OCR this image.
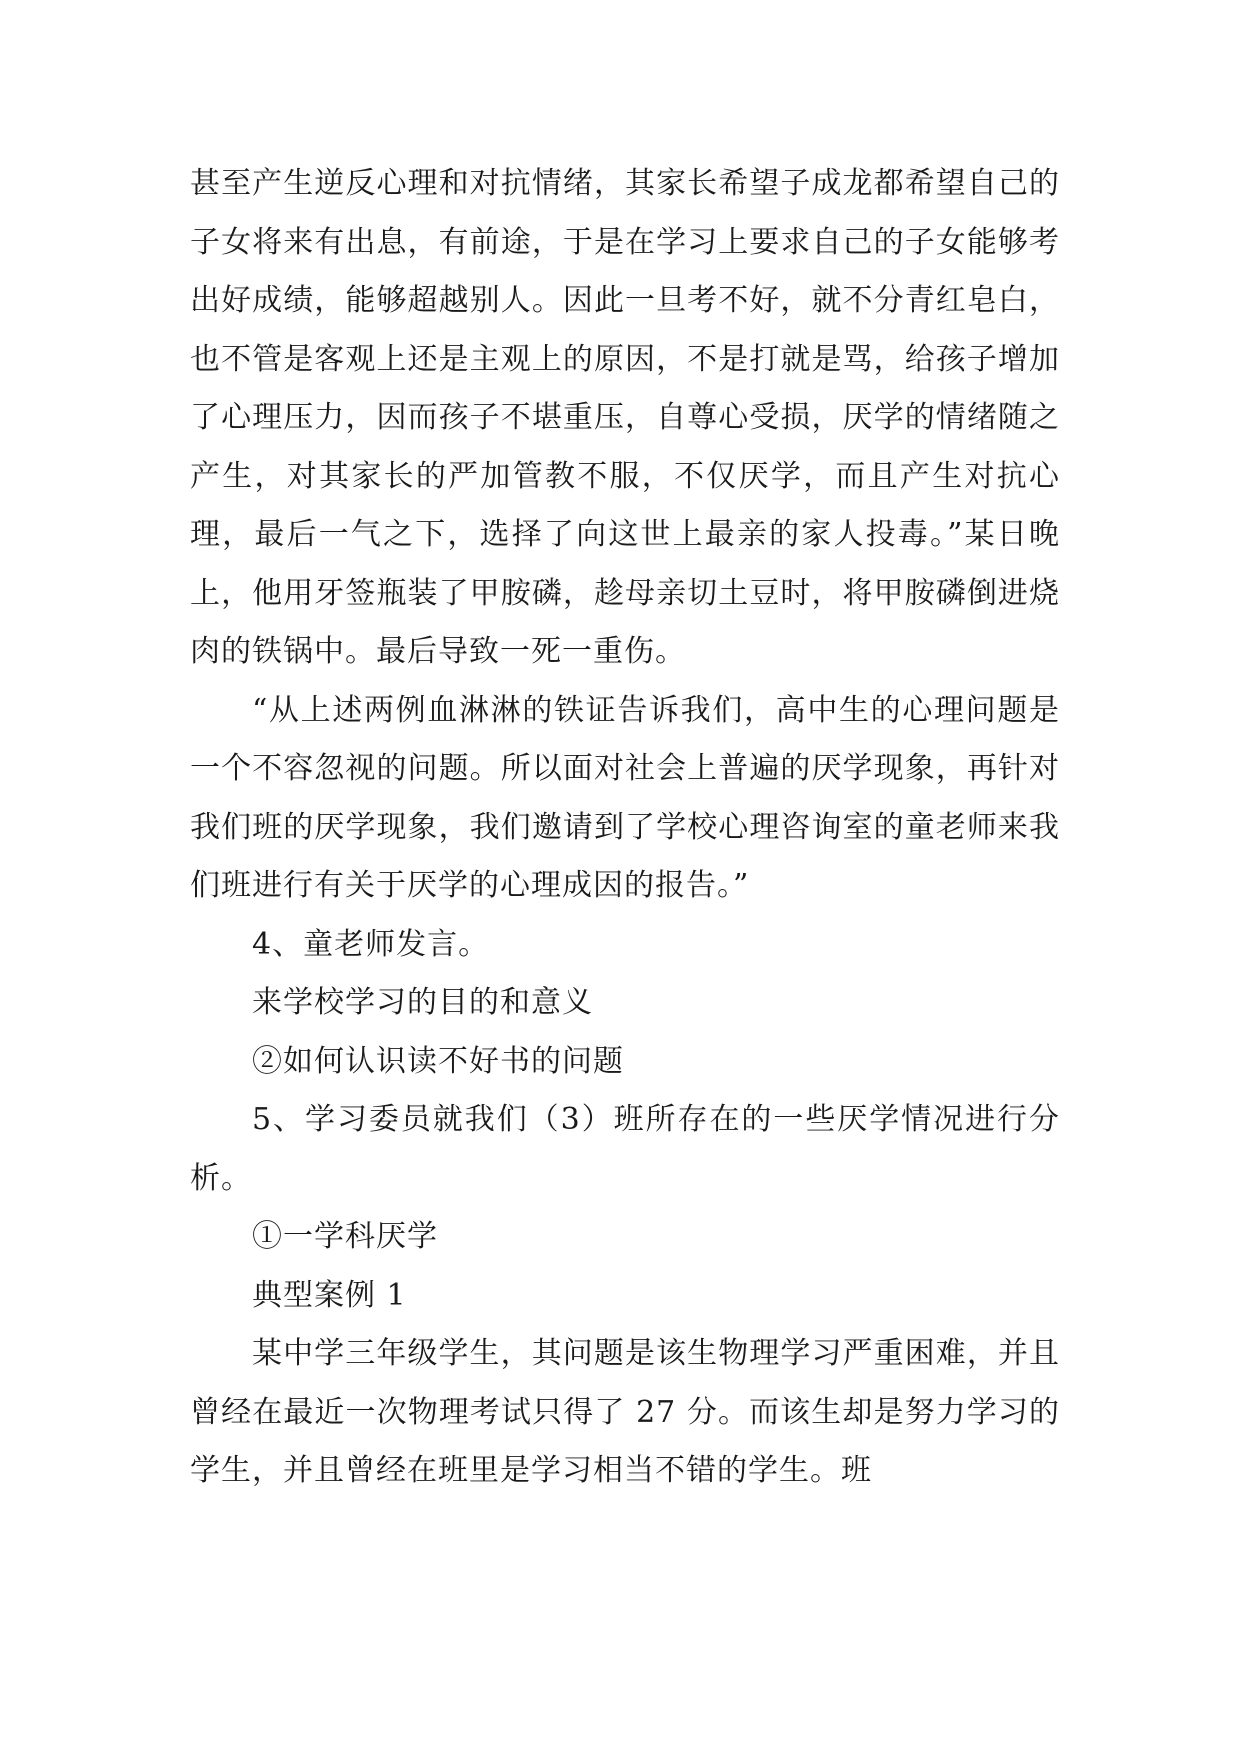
甚至产生逆反心理和对抗情绪，其家长希望子成龙都希望自己的子女将来有出息，有前途，于是在学习上要求自己的子女能够考出好成绩，能够超越别人。因此一旦考不好，就不分青红皂白，也不管是客观上还是主观上的原因，不是打就是骂，给孩子增加了心理压力，因而孩子不堪重压，自尊心受损，厌学的情绪随之产生，对其家长的严加管教不服，不仅厌学，而且产生对抗心理，最后一气之下，选择了向这世上最亲的家人投毒。”某日晚上，他用牙签瓶装了甲胺磷，趁母亲切土豆时，将甲胺磷倒进烧肉的铁锅中。最后导致一死一重伤。

“从上述两例血淋淋的铁证告诉我们，高中生的心理问题是一个不容忽视的问题。所以面对社会上普遍的厌学现象，再针对我们班的厌学现象，我们邀请到了学校心理咨询室的童老师来我们班进行有关于厌学的心理成因的报告。”

4、童老师发言。

来学校学习的目的和意义

②如何认识读不好书的问题

5、学习委员就我们（3）班所存在的一些厌学情况进行分析。

①一学科厌学

典型案例 1

某中学三年级学生，其问题是该生物理学习严重困难，并且曾经在最近一次物理考试只得了 27 分。而该生却是努力学习的学生，并且曾经在班里是学习相当不错的学生。班
